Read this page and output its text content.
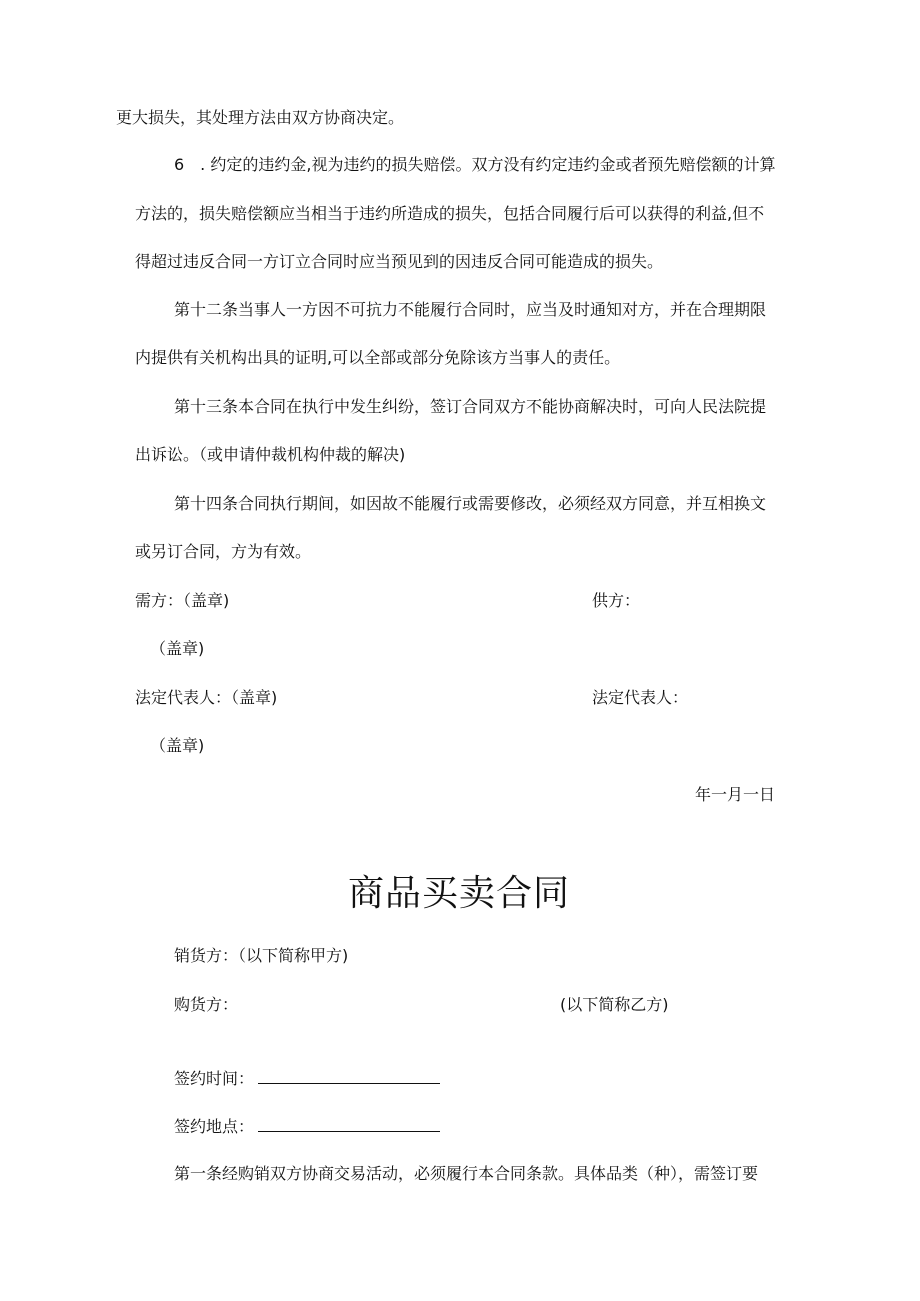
更大损失，其处理方法由双方协商决定。
6　. 约定的违约金,视为违约的损失赔偿。双方没有约定违约金或者预先赔偿额的计算
方法的，损失赔偿额应当相当于违约所造成的损失，包括合同履行后可以获得的利益,但不
得超过违反合同一方订立合同时应当预见到的因违反合同可能造成的损失。
第十二条当事人一方因不可抗力不能履行合同时，应当及时通知对方，并在合理期限
内提供有关机构出具的证明,可以全部或部分免除该方当事人的责任。
第十三条本合同在执行中发生纠纷，签订合同双方不能协商解决时，可向人民法院提
出诉讼。（或申请仲裁机构仲裁的解决)
第十四条合同执行期间，如因故不能履行或需要修改，必须经双方同意，并互相换文
或另订合同，方为有效。
需方：（盖章)	供方：
（盖章)
法定代表人：（盖章)	法定代表人：
（盖章)
年一月一日
商品买卖合同
销货方：（以下简称甲方)
购货方：	(以下简称乙方)
签约时间：
签约地点：
第一条经购销双方协商交易活动，必须履行本合同条款。具体品类（种），需签订要
